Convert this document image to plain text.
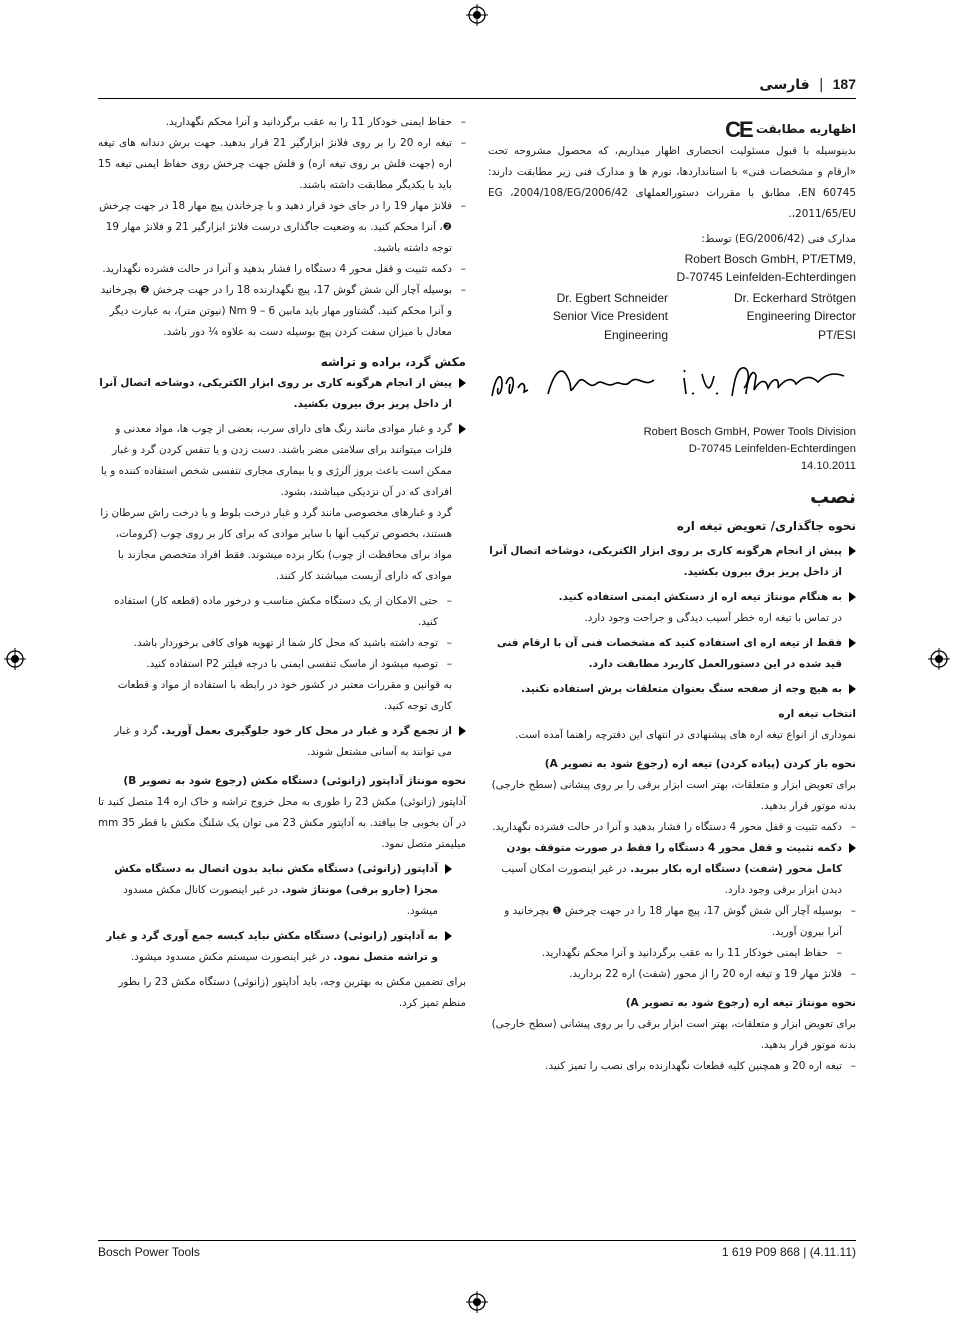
187 | فارسی
اظهاریه مطابقت CE

بدینوسیله با قبول مسئولیت انحصاری اظهار میداریم، که محصول مشروحه تحت «ارقام و مشخصات فنی» با استانداردها، نورم ها و مدارک فنی زیر مطابقت دارند: EN 60745، مطابق با مقررات دستورالعملهای 2006/42/EG ،2004/108/EG ،2011/65/EU.

مدارک فنی (2006/42/EG) توسط:

Robert Bosch GmbH, PT/ETM9,
D-70745 Leinfelden-Echterdingen
Dr. Egbert Schneider
Senior Vice President
Engineering
Dr. Eckerhard Strötgen
Engineering Director
PT/ESI
Robert Bosch GmbH, Power Tools Division
D-70745 Leinfelden-Echterdingen
14.10.2011
نصب
نحوه جاگذاری/ تعویض تیغه اره
پیش از انجام هرگونه کاری بر روی ابزار الکتریکی، دوشاخه اتصال آنرا از داخل پریز برق بیرون بکشید.
به هنگام مونتاژ تیغه اره از دستکش ایمنی استفاده کنید.
در تماس با تیغه اره خطر آسیب دیدگی و جراحت وجود دارد.
فقط از تیغه اره ای استفاده کنید که مشخصات فنی آن با ارقام فنی قید شده در این دستورالعمل کاربرد مطابقت دارد.
به هیچ وجه از صفحه سنگ بعنوان متعلقات برش استفاده نکنید.
انتخاب تیغه اره

نموداری از انواع تیغه اره های پیشنهادی در انتهای این دفترچه راهنما آمده است.

نحوه باز کردن (پیاده کردن) تیغه اره (رجوع شود به تصویر A)

برای تعویض ابزار و متعلقات، بهتر است ابزار برقی را بر روی پیشانی (سطح خارجی) بدنه موتور قرار بدهید.

– دکمه تثبیت و قفل محور 4 دستگاه را فشار بدهید و آنرا در حالت فشرده نگهدارید.
دکمه تثبیت و قفل محور 4 دستگاه را فقط در صورت متوقف بودن کامل محور (شفت) دستگاه اره بکار ببرید. در غیر اینصورت امکان آسیب دیدن ابزار برقی وجود دارد.
– بوسیله آچار آلن شش گوش 17، پیچ مهار 18 را در جهت چرخش ❶ بچرخانید و آنرا بیرون آورید.
– حفاظ ایمنی خودکار 11 را به عقب برگردانید و آنرا محکم نگهدارید.
– فلانژ مهار 19 و تیغه اره 20 را از محور (شفت) اره 22 بردارید.
نحوه مونتاژ تیغه اره (رجوع شود به تصویر A)

برای تعویض ابزار و متعلقات، بهتر است ابزار برقی را بر روی پیشانی (سطح خارجی) بدنه موتور قرار بدهید.

– تیغه اره 20 و همچنین کلیه قطعات نگهدارنده برای نصب را تمیز کنید.
– حفاظ ایمنی خودکار 11 را به عقب برگردانید و آنرا محکم نگهدارید.
– تیغه اره 20 را بر روی فلانژ ابزارگیر 21 قرار بدهید. جهت برش دندانه های تیغه اره (جهت فلش بر روی تیغه اره) و فلش جهت چرخش روی حفاظ ایمنی تیغه 15 باید با یکدیگر مطابقت داشته باشند.
– فلانژ مهار 19 را در جای خود قرار دهید و با چرخاندن پیچ مهار 18 در جهت چرخش ❷، آنرا محکم کنید. به وضعیت جاگذاری درست فلانژ ابزارگیر 21 و فلانژ مهار 19 توجه داشته باشید.
– دکمه تثبیت و قفل محور 4 دستگاه را فشار بدهید و آنرا در حالت فشرده نگهدارید.
– بوسیله آچار آلن شش گوش 17، پیچ نگهدارنده 18 را در جهت چرخش ❷ بچرخانید و آنرا محکم کنید. گشتاور مهار باید مابین 6 – 9 Nm (نیوتن متر)، به عبارت دیگر معادل با میزان سفت کردن پیچ بوسیله دست به علاوه ¼ دور باشد.
مکش گرد، براده و تراشه
پیش از انجام هرگونه کاری بر روی ابزار الکتریکی، دوشاخه اتصال آنرا از داخل پریز برق بیرون بکشید.
گرد و غبار موادی مانند رنگ های دارای سرب، بعضی از چوب ها، مواد معدنی و فلزات میتوانند برای سلامتی مضر باشند. دست زدن و یا تنفس کردن گرد و غبار ممکن است باعث بروز آلرژی و یا بیماری مجاری تنفسی شخص استفاده کننده و یا افرادی که در آن نزدیکی میباشند، بشود.

گرد و غبارهای مخصوصی مانند گرد و غبار درخت بلوط و یا درخت راش سرطان زا هستند، بخصوص ترکیب آنها با سایر موادی که برای کار بر روی چوب (کرومات، مواد برای محافظت از چوب) بکار برده میشوند. فقط افراد متخصص مجازند با موادی که دارای آزبست میباشند کار کنند.

– حتی الامکان از یک دستگاه مکش مناسب و درخور ماده (قطعه کار) استفاده کنید.
– توجه داشته باشید که محل کار شما از تهویه هوای کافی برخوردار باشد.
– توصیه میشود از ماسک تنفسی ایمنی با درجه فیلتر P2 استفاده کنید.

به قوانین و مقررات معتبر در کشور خود در رابطه با استفاده از مواد و قطعات کاری توجه کنید.

از تجمع گرد و غبار در محل کار خود جلوگیری بعمل آورید. گرد و غبار می توانند به آسانی مشتعل شوند.
نحوه مونتاژ آداپتور (زانوئی) دستگاه مکش (رجوع شود به تصویر B)

آداپتور (زانوئی) مکش 23 را طوری به محل خروج تراشه و خاک اره 14 متصل کنید تا در آن بخوبی جا بیافتد. به آداپتور مکش 23 می توان یک شلنگ مکش با قطر 35 mm میلیمتر متصل نمود.

آداپتور (زانوئی) دستگاه مکش نباید بدون اتصال به دستگاه مکش مجزا (جارو برقی) مونتاژ شود. در غیر اینصورت کانال مکش مسدود میشود.
به آداپتور (زانوئی) دستگاه مکش نباید کیسه جمع آوری گرد و غبار و تراشه متصل نمود. در غیر اینصورت سیستم مکش مسدود میشود.

برای تضمین مکش به بهترین وجه، باید آداپتور (زانوئی) دستگاه مکش 23 را بطور منظم تمیز کرد.

Bosch Power Tools	1 619 P09 868 | (4.11.11)
